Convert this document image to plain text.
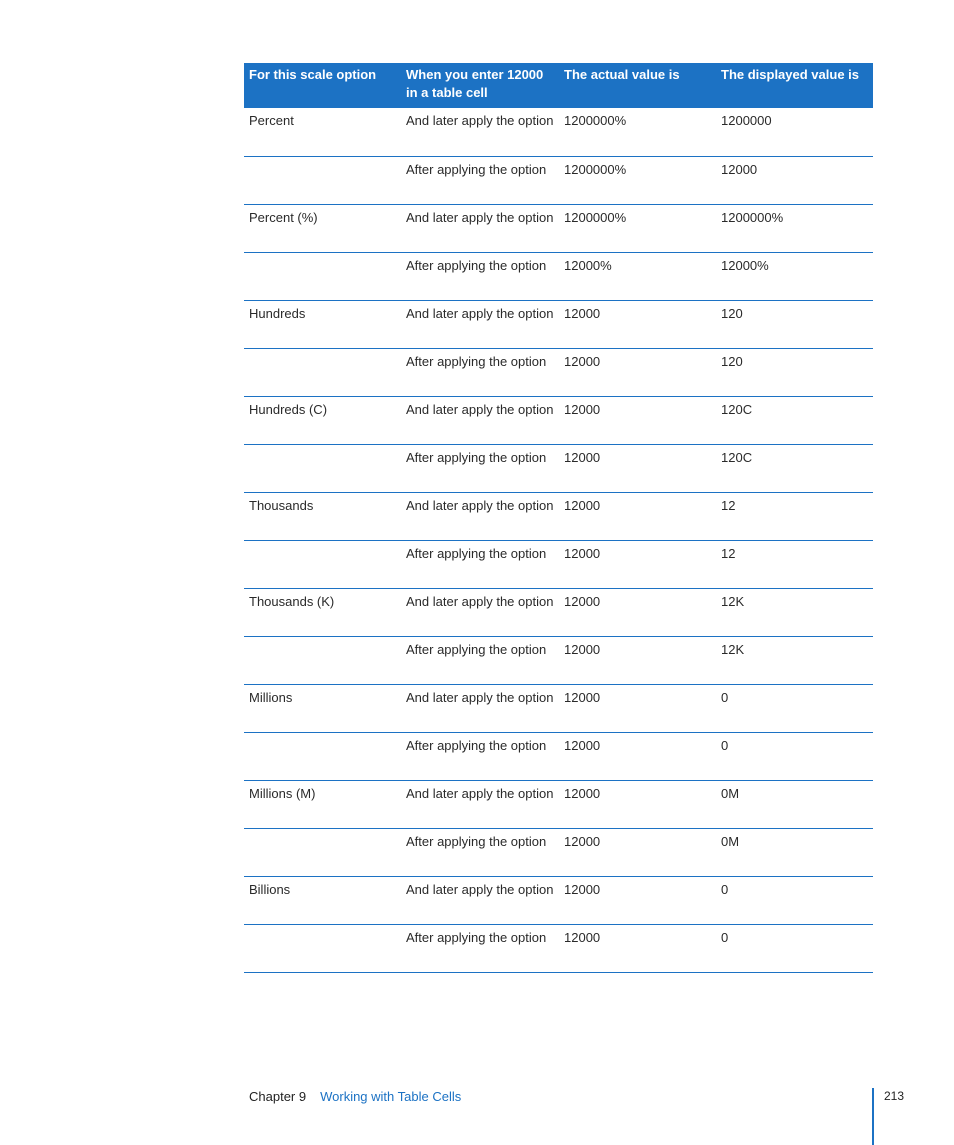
For this scale option	When you enter 12000 in a table cell	The actual value is	The displayed value is
Percent	And later apply the option	1200000%	1200000
	After applying the option	1200000%	12000
Percent (%)	And later apply the option	1200000%	1200000%
	After applying the option	12000%	12000%
Hundreds	And later apply the option	12000	120
	After applying the option	12000	120
Hundreds (C)	And later apply the option	12000	120C
	After applying the option	12000	120C
Thousands	And later apply the option	12000	12
	After applying the option	12000	12
Thousands (K)	And later apply the option	12000	12K
	After applying the option	12000	12K
Millions	And later apply the option	12000	0
	After applying the option	12000	0
Millions (M)	And later apply the option	12000	0M
	After applying the option	12000	0M
Billions	And later apply the option	12000	0
	After applying the option	12000	0
Chapter 9 Working with Table Cells	213
